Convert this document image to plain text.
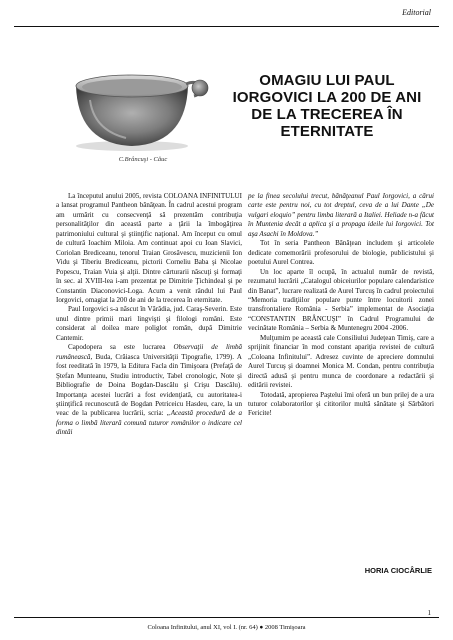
Editorial
C.Brâncuşi - Căuc
OMAGIU LUI PAUL IORGOVICI LA 200 DE ANI DE LA TRECEREA ÎN ETERNITATE

La începutul anului 2005, revista COLOANA INFINITULUI a lansat programul Pantheon bănăţean. În cadrul acestui program am urmărit cu consecvenţă să prezentăm contribuţia personalităţilor din această parte a ţării la îmbogăţirea patrimoniului cultural şi ştiinţific naţional. Am început cu omul de cultură Ioachim Miloia. Am continuat apoi cu Ioan Slavici, Coriolan Brediceanu, tenorul Traian Grosăvescu, muzicienii Ion Vidu şi Tiberiu Brediceanu, pictorii Corneliu Baba şi Nicolae Popescu, Traian Vuia şi alţii. Dintre cărturarii născuţi şi formaţi în sec. al XVIII-lea i-am prezentat pe Dimitrie Ţichindeal şi pe Constantin Diaconovici-Loga. Acum a venit rândul lui Paul Iorgovici, omagiat la 200 de ani de la trecerea în eternitate.

Paul Iorgovici s-a născut în Vărădia, jud. Caraş-Severin. Este unul dintre primii mari lingvişti şi filologi români. Este considerat al doilea mare poliglot român, după Dimitrie Cantemir.

Capodopera sa este lucrarea Observaţii de limbă rumânească, Buda, Crăiasca Universităţii Tipografie, 1799). A fost reeditată în 1979, la Editura Facla din Timişoara (Prefaţă de Ştefan Munteanu, Studiu introductiv, Tabel cronologic, Note şi Bibliografie de Doina Bogdan-Dascălu şi Crişu Dascălu). Importanţa acestei lucrări a fost evidenţiată, cu autoritatea-i ştiinţifică recunoscută de Bogdan Petriceicu Hasdeu, care, la un veac de la publicarea lucrării, scria: „Această procedură de a forma o limbă literară comună tuturor românilor o indicare cel dintâi

pe la finea secolului trecut, bănăţeanul Paul Iorgovici, a cărui carte este pentru noi, cu tot dreptul, ceva de a lui Dante „De vulgari eloquio” pentru limba literară a Italiei. Heliade n-a făcut în Muntenia decât a aplica şi a propaga ideile lui Iorgovici. Tot aşa Asachi în Moldova.”

Tot în seria Pantheon Bănăţean includem şi articolele dedicate comemorării profesorului de biologie, publicistului şi poetului Aurel Contrea.

Un loc aparte îl ocupă, în actualul număr de revistă, rezumatul lucrării „Catalogul obiceiurilor populare calendaristice din Banat”, lucrare realizată de Aurel Turcuş în cadrul proiectului “Memoria tradiţiilor populare punte între locuitorii zonei transfrontaliere România - Serbia” implementat de Asociaţia “CONSTANTIN BRÂNCUŞI” în Cadrul Programului de vecinătate România – Serbia & Muntenegru 2004 -2006.

Mulţumim pe această cale Consiliului Judeţean Timiş, care a sprijinit financiar în mod constant apariţia revistei de cultură „Coloana Infinitului”. Adresez cuvinte de apreciere domnului Aurel Turcuş şi doamnei Monica M. Condan, pentru contribuţia directă adusă şi pentru munca de coordonare a redactării şi editării revistei.

Totodată, apropierea Paştelui îmi oferă un bun prilej de a ura tuturor colaboratorilor şi cititorilor multă sănătate şi Sărbători Fericite!

HORIA CIOCÂRLIE
1
Coloana Infinitului, anul XI, vol I. (nr. 64) ● 2008 Timişoara
